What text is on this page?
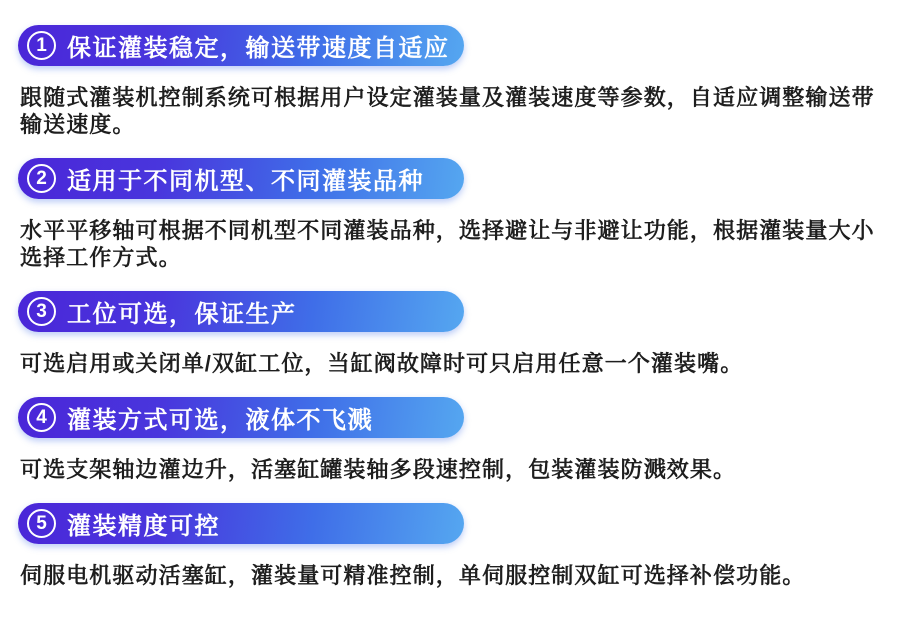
1 保证灌装稳定，输送带速度自适应

跟随式灌装机控制系统可根据用户设定灌装量及灌装速度等参数，自适应调整输送带输送速度。

2 适用于不同机型、不同灌装品种

水平平移轴可根据不同机型不同灌装品种，选择避让与非避让功能，根据灌装量大小选择工作方式。

3 工位可选，保证生产

可选启用或关闭单/双缸工位，当缸阀故障时可只启用任意一个灌装嘴。

4 灌装方式可选，液体不飞溅

可选支架轴边灌边升，活塞缸罐装轴多段速控制，包装灌装防溅效果。

5 灌装精度可控

伺服电机驱动活塞缸，灌装量可精准控制，单伺服控制双缸可选择补偿功能。
